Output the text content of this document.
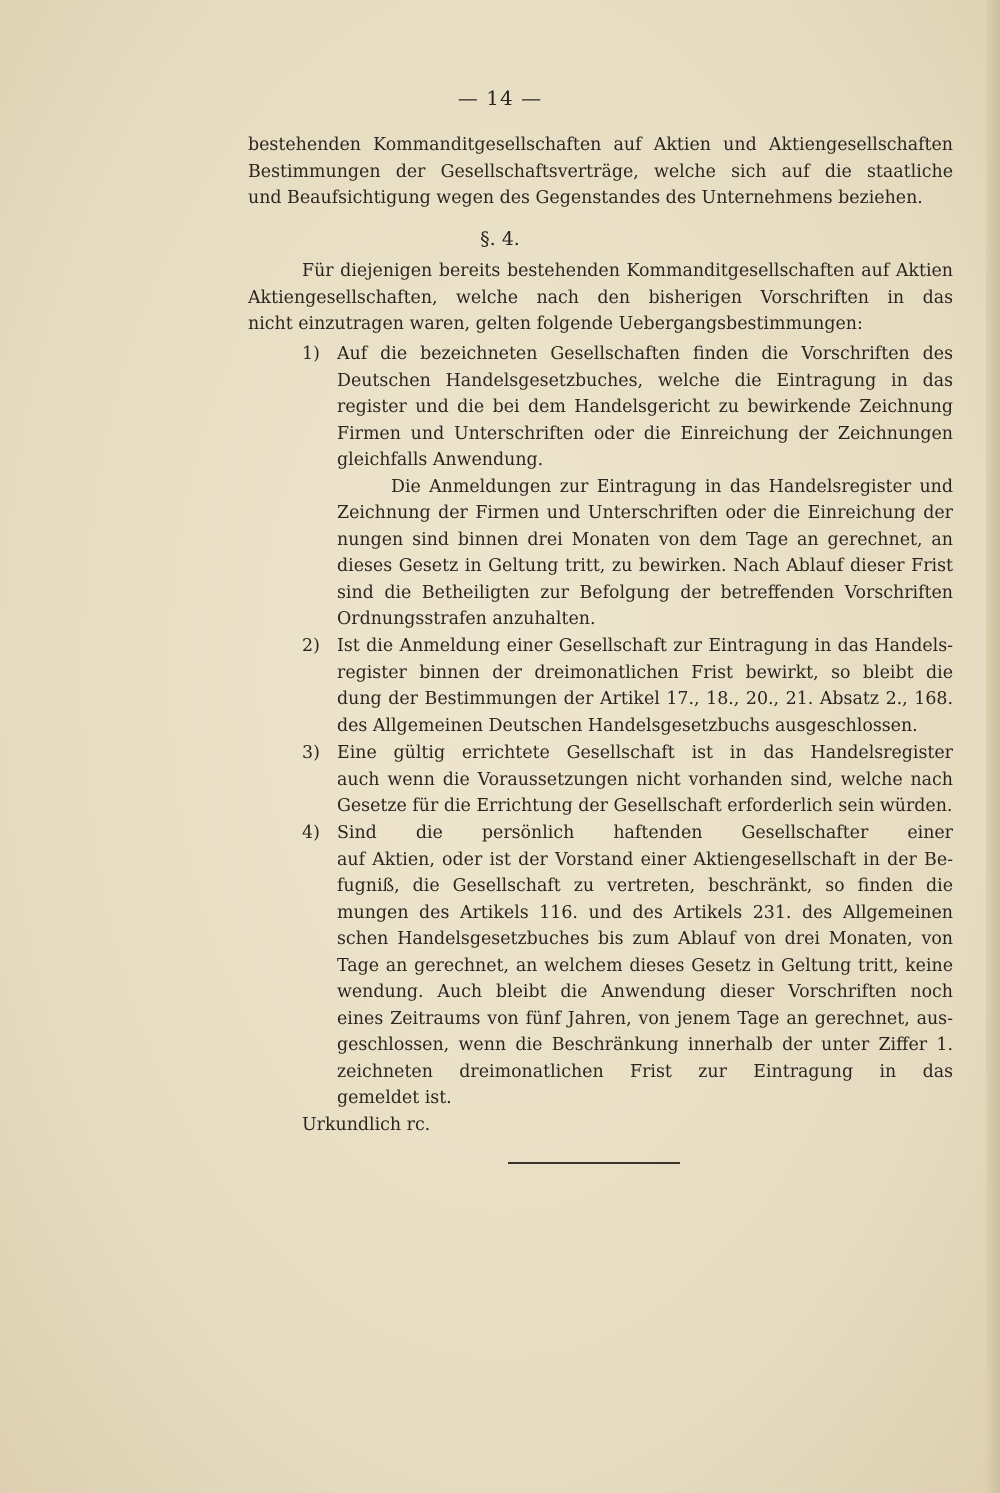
— 14 —
bestehenden Kommanditgesellschaften auf Aktien und Aktiengesellschaften
Bestimmungen der Gesellschaftsverträge, welche sich auf die staatliche
und Beaufsichtigung wegen des Gegenstandes des Unternehmens beziehen.
§. 4.
Für diejenigen bereits bestehenden Kommanditgesellschaften auf Aktien
Aktiengesellschaften, welche nach den bisherigen Vorschriften in das
nicht einzutragen waren, gelten folgende Uebergangsbestimmungen:
1) Auf die bezeichneten Gesellschaften finden die Vorschriften des
Deutschen Handelsgesetzbuches, welche die Eintragung in das
register und die bei dem Handelsgericht zu bewirkende Zeichnung
Firmen und Unterschriften oder die Einreichung der Zeichnungen
gleichfalls Anwendung.
Die Anmeldungen zur Eintragung in das Handelsregister und
Zeichnung der Firmen und Unterschriften oder die Einreichung der
nungen sind binnen drei Monaten von dem Tage an gerechnet, an
dieses Gesetz in Geltung tritt, zu bewirken. Nach Ablauf dieser Frist
sind die Betheiligten zur Befolgung der betreffenden Vorschriften
Ordnungsstrafen anzuhalten.
2) Ist die Anmeldung einer Gesellschaft zur Eintragung in das Handels-
register binnen der dreimonatlichen Frist bewirkt, so bleibt die
dung der Bestimmungen der Artikel 17., 18., 20., 21. Absatz 2., 168.
des Allgemeinen Deutschen Handelsgesetzbuchs ausgeschlossen.
3) Eine gültig errichtete Gesellschaft ist in das Handelsregister
auch wenn die Voraussetzungen nicht vorhanden sind, welche nach
Gesetze für die Errichtung der Gesellschaft erforderlich sein würden.
4) Sind die persönlich haftenden Gesellschafter einer
auf Aktien, oder ist der Vorstand einer Aktiengesellschaft in der Be-
fugniß, die Gesellschaft zu vertreten, beschränkt, so finden die
mungen des Artikels 116. und des Artikels 231. des Allgemeinen
schen Handelsgesetzbuches bis zum Ablauf von drei Monaten, von
Tage an gerechnet, an welchem dieses Gesetz in Geltung tritt, keine
wendung. Auch bleibt die Anwendung dieser Vorschriften noch
eines Zeitraums von fünf Jahren, von jenem Tage an gerechnet, aus-
geschlossen, wenn die Beschränkung innerhalb der unter Ziffer 1.
zeichneten dreimonatlichen Frist zur Eintragung in das
gemeldet ist.
Urkundlich rc.
